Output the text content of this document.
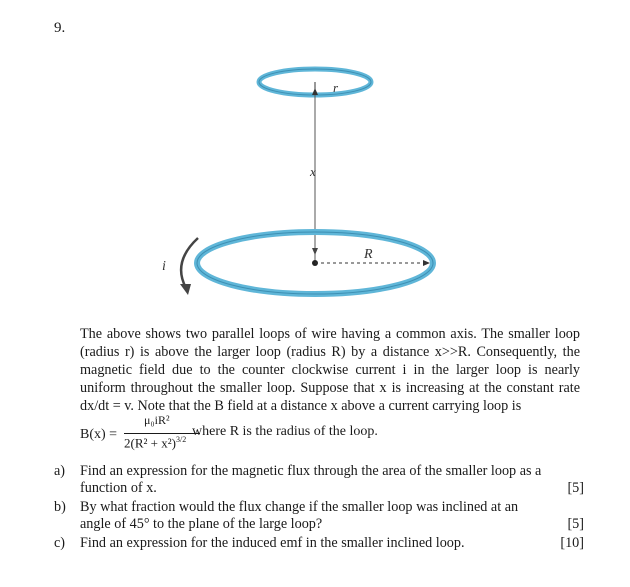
9.
r
x
R
i
The above shows two parallel loops of wire having a common axis. The smaller loop (radius r) is above the larger loop (radius R) by a distance x>>R. Consequently, the magnetic field due to the counter clockwise current i in the larger loop is nearly uniform throughout the smaller loop. Suppose that x is increasing at the constant rate dx/dt = v. Note that the B field at a distance x above a current carrying loop is
B(x) =
μ₀iR²
$2(R^2 + x^2)^{3/2}$
where R is the radius of the loop.
a) Find an expression for the magnetic flux through the area of the smaller loop as a
function of x.	[5]
b) By what fraction would the flux change if the smaller loop was inclined at an
angle of 45° to the plane of the large loop?	[5]
c) Find an expression for the induced emf in the smaller inclined loop.	[10]
